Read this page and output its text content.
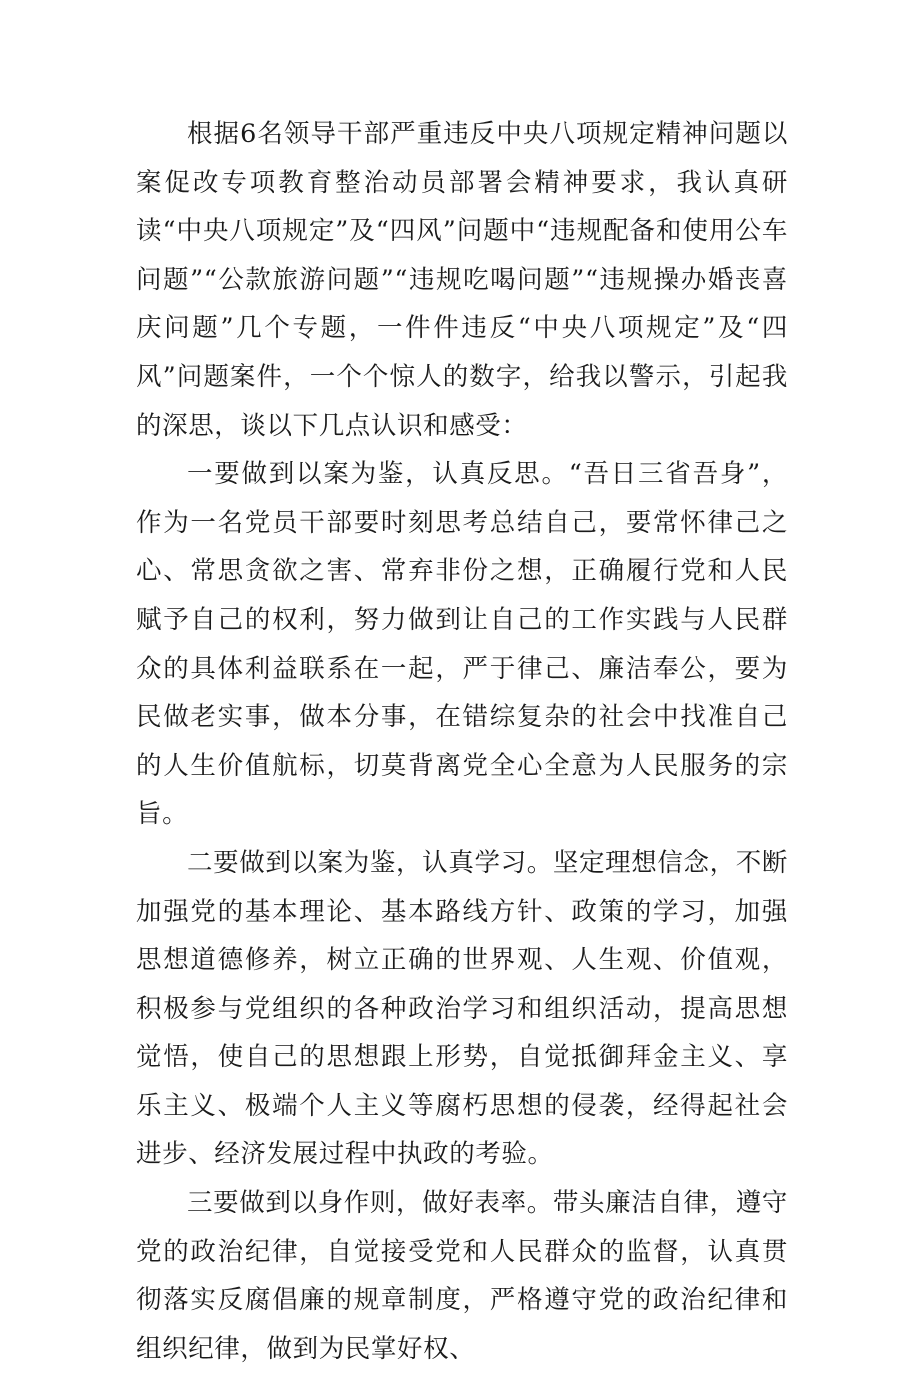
根据6名领导干部严重违反中央八项规定精神问题以案促改专项教育整治动员部署会精神要求，我认真研读“中央八项规定”及“四风”问题中“违规配备和使用公车问题”“公款旅游问题”“违规吃喝问题”“违规操办婚丧喜庆问题”几个专题，一件件违反“中央八项规定”及“四风”问题案件，一个个惊人的数字，给我以警示，引起我的深思，谈以下几点认识和感受：

一要做到以案为鉴，认真反思。“吾日三省吾身”，作为一名党员干部要时刻思考总结自己，要常怀律己之心、常思贪欲之害、常弃非份之想，正确履行党和人民赋予自己的权利，努力做到让自己的工作实践与人民群众的具体利益联系在一起，严于律己、廉洁奉公，要为民做老实事，做本分事，在错综复杂的社会中找准自己的人生价值航标，切莫背离党全心全意为人民服务的宗旨。

二要做到以案为鉴，认真学习。坚定理想信念，不断加强党的基本理论、基本路线方针、政策的学习，加强思想道德修养，树立正确的世界观、人生观、价值观，积极参与党组织的各种政治学习和组织活动，提高思想觉悟，使自己的思想跟上形势，自觉抵御拜金主义、享乐主义、极端个人主义等腐朽思想的侵袭，经得起社会进步、经济发展过程中执政的考验。

三要做到以身作则，做好表率。带头廉洁自律，遵守党的政治纪律，自觉接受党和人民群众的监督，认真贯彻落实反腐倡廉的规章制度，严格遵守党的政治纪律和组织纪律，做到为民掌好权、
